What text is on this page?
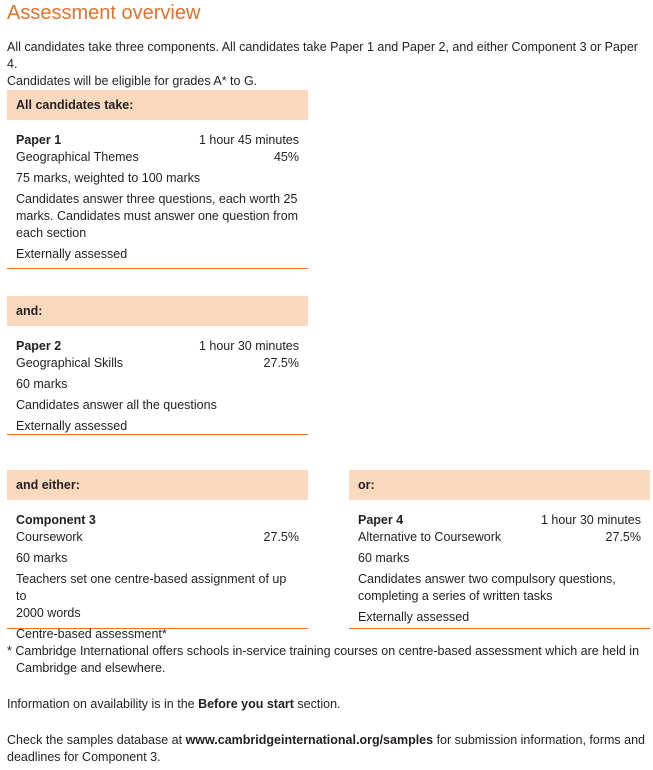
Assessment overview
All candidates take three components. All candidates take Paper 1 and Paper 2, and either Component 3 or Paper 4.
Candidates will be eligible for grades A* to G.
All candidates take:
Paper 1	1 hour 45 minutes
Geographical Themes	45%
75 marks, weighted to 100 marks
Candidates answer three questions, each worth 25
marks. Candidates must answer one question from
each section
Externally assessed
and:
Paper 2	1 hour 30 minutes
Geographical Skills	27.5%
60 marks
Candidates answer all the questions
Externally assessed
and either:
Component 3
Coursework	27.5%
60 marks
Teachers set one centre-based assignment of up to
2000 words
Centre-based assessment*
or:
Paper 4	1 hour 30 minutes
Alternative to Coursework	27.5%
60 marks
Candidates answer two compulsory questions,
completing a series of written tasks
Externally assessed
* Cambridge International offers schools in-service training courses on centre-based assessment which are held in
Cambridge and elsewhere.
Information on availability is in the Before you start section.
Check the samples database at www.cambridgeinternational.org/samples for submission information, forms and
deadlines for Component 3.
